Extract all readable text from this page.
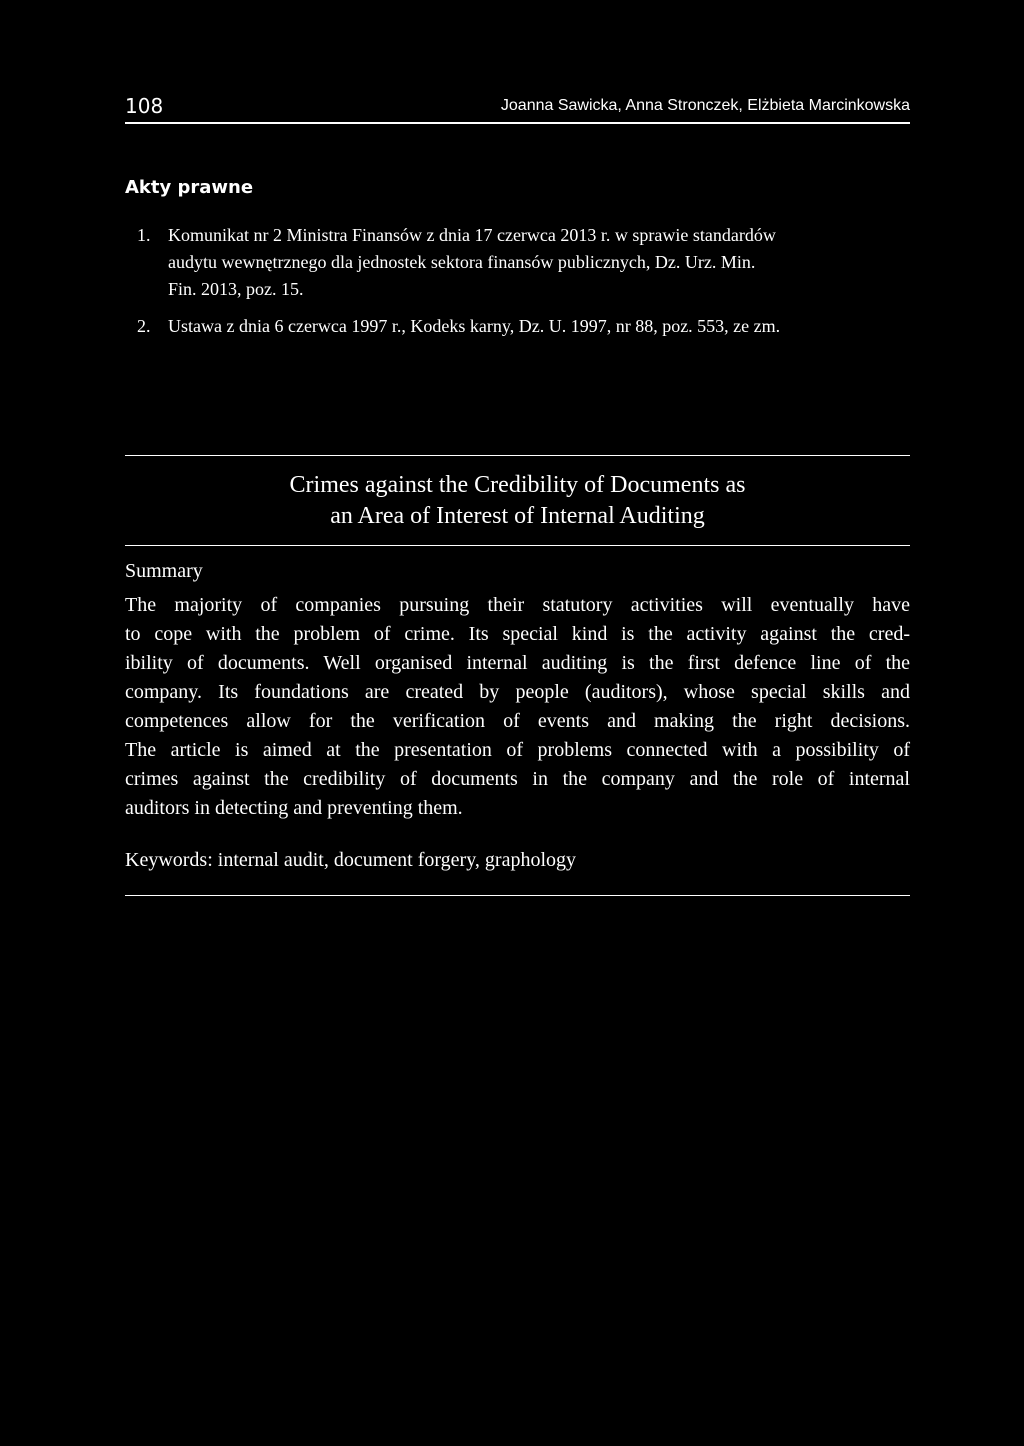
108	Joanna Sawicka, Anna Stronczek, Elżbieta Marcinkowska
Akty prawne
1. Komunikat nr 2 Ministra Finansów z dnia 17 czerwca 2013 r. w sprawie standardów
audytu wewnętrznego dla jednostek sektora finansów publicznych, Dz. Urz. Min.
Fin. 2013, poz. 15.
2. Ustawa z dnia 6 czerwca 1997 r., Kodeks karny, Dz. U. 1997, nr 88, poz. 553, ze zm.
Crimes against the Credibility of Documents as
an Area of Interest of Internal Auditing
Summary

The majority of companies pursuing their statutory activities will eventually have
to cope with the problem of crime. Its special kind is the activity against the cred-
ibility of documents. Well organised internal auditing is the first defence line of the
company. Its foundations are created by people (auditors), whose special skills and
competences allow for the verification of events and making the right decisions.
The article is aimed at the presentation of problems connected with a possibility of
crimes against the credibility of documents in the company and the role of internal
auditors in detecting and preventing them.

Keywords: internal audit, document forgery, graphology
